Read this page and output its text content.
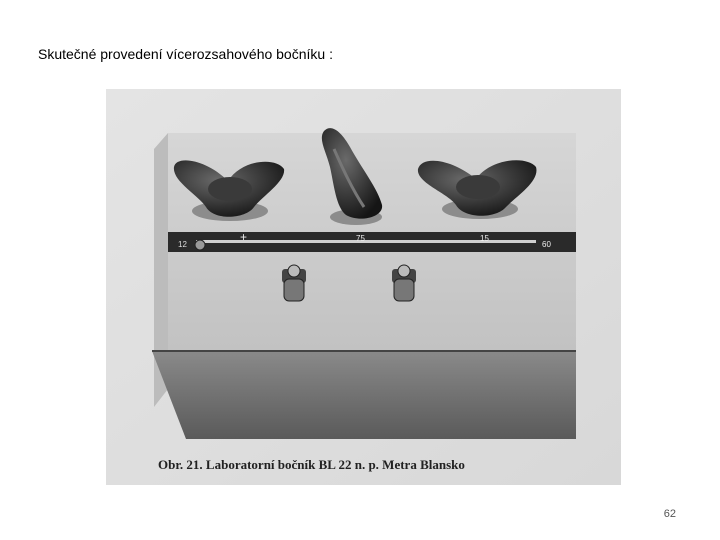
Skutečné provedení vícerozsahového bočníku :
12
+	75	15
60
Obr. 21. Laboratorní bočník BL 22 n. p. Metra Blansko
62
